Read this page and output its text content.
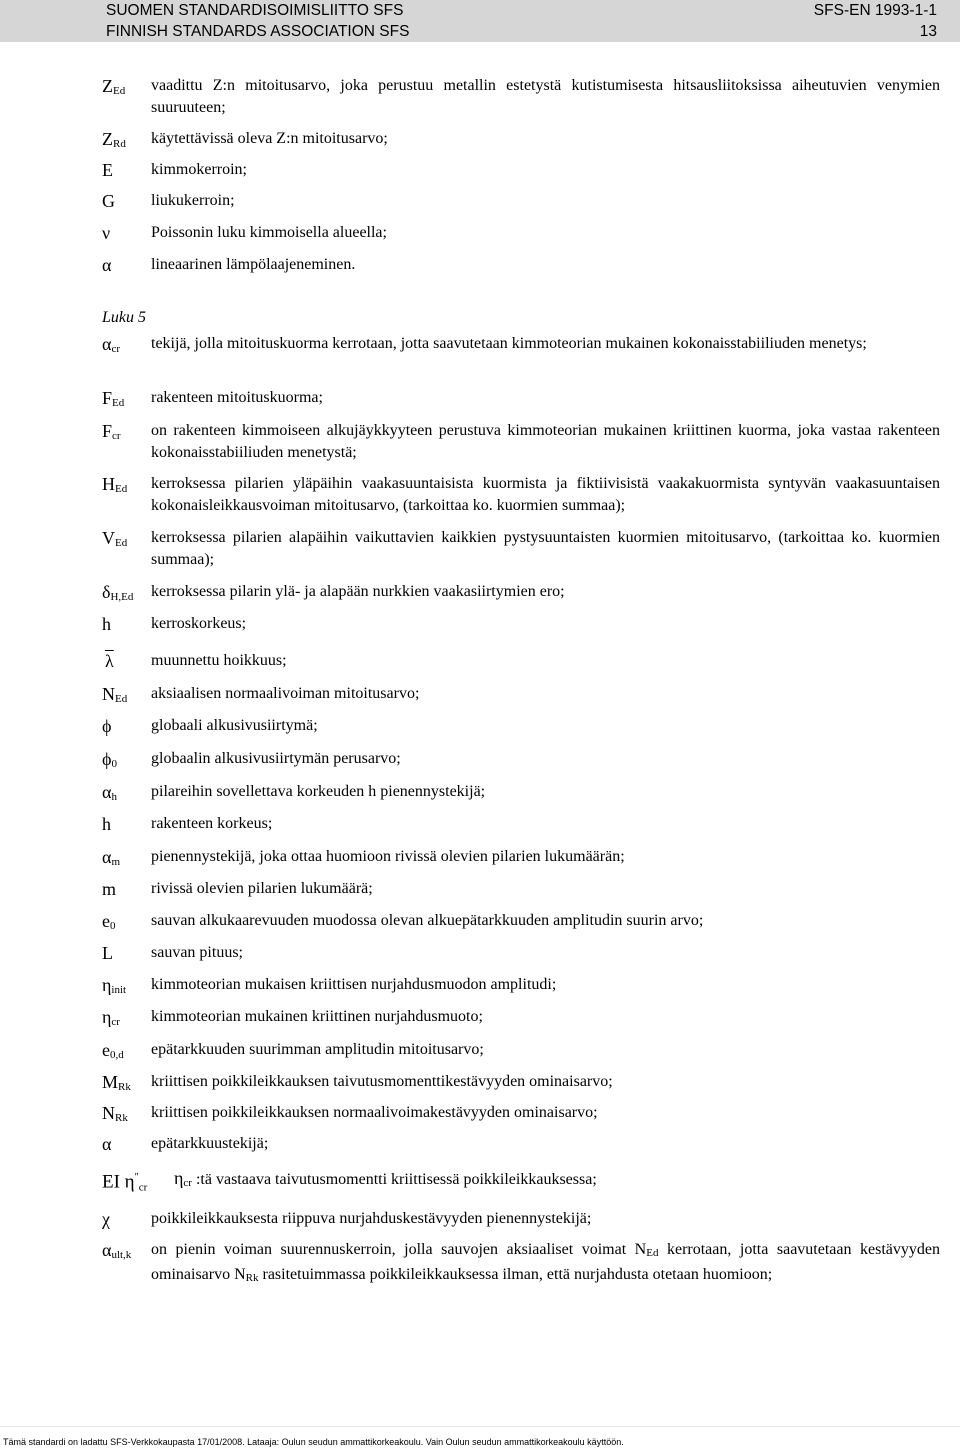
SUOMEN STANDARDISOIMISLIITTO SFS
FINNISH STANDARDS ASSOCIATION SFS
SFS-EN 1993-1-1
13
ZEd vaadittu Z:n mitoitusarvo, joka perustuu metallin estetystä kutistumisesta hitsausliitoksissa aiheutuvien venymien suuruuteen;
ZRd käytettävissä oleva Z:n mitoitusarvo;
E kimmokerroin;
G liukukerroin;
ν	Poissonin luku kimmoisella alueella;
α lineaarinen lämpölaajeneminen.
Luku 5
αcr tekijä, jolla mitoituskuorma kerrotaan, jotta saavutetaan kimmoteorian mukainen kokonaisstabiiliuden menetys;
FEd rakenteen mitoituskuorma;
Fcr on rakenteen kimmoiseen alkujäykkyyteen perustuva kimmoteorian mukainen kriittinen kuorma, joka vastaa rakenteen kokonaisstabiiliuden menetystä;
HEd kerroksessa pilarien yläpäihin vaakasuuntaisista kuormista ja fiktiivisistä vaakakuormista syntyvän vaakasuuntaisen kokonaisleikkausvoiman mitoitusarvo, (tarkoittaa ko. kuormien summaa);
VEd kerroksessa pilarien alapäihin vaikuttavien kaikkien pystysuuntaisten kuormien mitoitusarvo, (tarkoittaa ko. kuormien summaa);
δH,Ed kerroksessa pilarin ylä- ja alapään nurkkien vaakasiirtymien ero;
h	kerroskorkeus;
$\overline{\lambda}$ muunnettu hoikkuus;
NEd aksiaalisen normaalivoiman mitoitusarvo;
ϕ globaali alkusivusiirtymä;
ϕ0 globaalin alkusivusiirtymän perusarvo;
αh pilareihin sovellettava korkeuden h pienennystekijä;
h	rakenteen korkeus;
αm pienennystekijä, joka ottaa huomioon rivissä olevien pilarien lukumäärän;
m rivissä olevien pilarien lukumäärä;
e0 sauvan alkukaarevuuden muodossa olevan alkuepätarkkuuden amplitudin suurin arvo;
L sauvan pituus;
ηinit kimmoteorian mukaisen kriittisen nurjahdusmuodon amplitudi;
ηcr kimmoteorian mukainen kriittinen nurjahdusmuoto;
e0,d epätarkkuuden suurimman amplitudin mitoitusarvo;
MRk kriittisen poikkileikkauksen taivutusmomenttikestävyyden ominaisarvo;
NRk kriittisen poikkileikkauksen normaalivoimakestävyyden ominaisarvo;
α epätarkkuustekijä;
EI $\eta^"_{cr}$ ηcr :tä vastaava taivutusmomentti kriittisessä poikkileikkauksessa;
χ	poikkileikkauksesta riippuva nurjahduskestävyyden pienennystekijä;
αult,k on pienin voiman suurennuskerroin, jolla sauvojen aksiaaliset voimat NEd kerrotaan, jotta saavutetaan kestävyyden ominaisarvo NRk rasitetuimmassa poikkileikkauksessa ilman, että nurjahdusta otetaan huomioon;
Tämä standardi on ladattu SFS-Verkkokaupasta 17/01/2008. Lataaja: Oulun seudun ammattikorkeakoulu. Vain Oulun seudun ammattikorkeakoulu käyttöön.
